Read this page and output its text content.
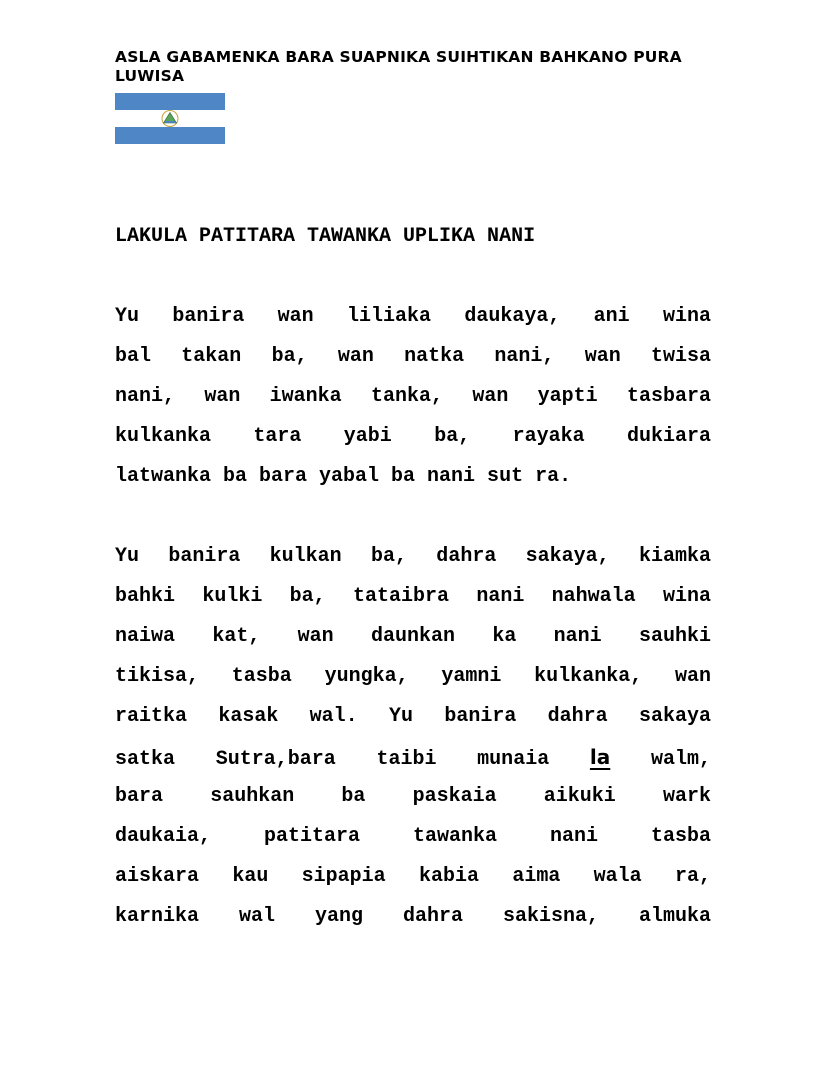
ASLA GABAMENKA BARA SUAPNIKA SUIHTIKAN BAHKANO PURA LUWISA
LAKULA PATITARA TAWANKA UPLIKA NANI
Yu banira wan liliaka daukaya, ani wina
bal takan ba, wan natka nani, wan twisa
nani, wan iwanka tanka, wan yapti tasbara
kulkanka tara yabi ba, rayaka dukiara
latwanka ba bara yabal ba nani sut ra.
Yu banira kulkan ba, dahra sakaya, kiamka
bahki kulki ba, tataibra nani nahwala wina
naiwa kat, wan daunkan ka nani sauhki
tikisa, tasba yungka, yamni kulkanka, wan
raitka kasak wal. Yu banira dahra sakaya
satka Sutra,bara taibi munaia la walm,
bara sauhkan ba paskaia aikuki wark
daukaia, patitara tawanka nani tasba
aiskara kau sipapia kabia aima wala ra,
karnika wal yang dahra sakisna, almuka
